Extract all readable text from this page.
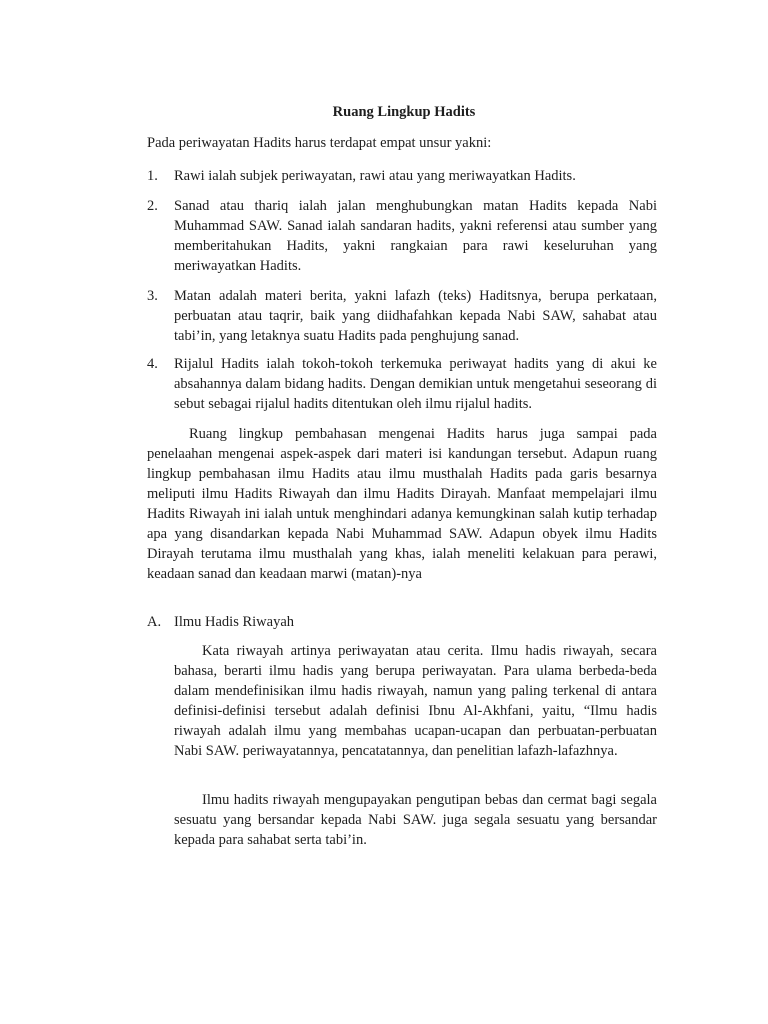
Ruang Lingkup Hadits

Pada periwayatan Hadits harus terdapat empat unsur yakni:

1. Rawi ialah subjek periwayatan, rawi atau yang meriwayatkan Hadits.
2. Sanad atau thariq ialah jalan menghubungkan matan Hadits kepada Nabi Muhammad SAW. Sanad ialah sandaran hadits, yakni referensi atau sumber yang memberitahukan Hadits, yakni rangkaian para rawi keseluruhan yang meriwayatkan Hadits.
3. Matan adalah materi berita, yakni lafazh (teks) Haditsnya, berupa perkataan, perbuatan atau taqrir, baik yang diidhafahkan kepada Nabi SAW, sahabat atau tabi’in, yang letaknya suatu Hadits pada penghujung sanad.
4. Rijalul Hadits ialah tokoh-tokoh terkemuka periwayat hadits yang di akui ke absahannya dalam bidang hadits. Dengan demikian untuk mengetahui seseorang di sebut sebagai rijalul hadits ditentukan oleh ilmu rijalul hadits.

Ruang lingkup pembahasan mengenai Hadits harus juga sampai pada penelaahan mengenai aspek-aspek dari materi isi kandungan tersebut. Adapun ruang lingkup pembahasan ilmu Hadits atau ilmu musthalah Hadits pada garis besarnya meliputi ilmu Hadits Riwayah dan ilmu Hadits Dirayah. Manfaat mempelajari ilmu Hadits Riwayah ini ialah untuk menghindari adanya kemungkinan salah kutip terhadap apa yang disandarkan kepada Nabi Muhammad SAW. Adapun obyek ilmu Hadits Dirayah terutama ilmu musthalah yang khas, ialah meneliti kelakuan para perawi, keadaan sanad dan keadaan marwi (matan)-nya

A. Ilmu Hadis Riwayah

Kata riwayah artinya periwayatan atau cerita. Ilmu hadis riwayah, secara bahasa, berarti ilmu hadis yang berupa periwayatan. Para ulama berbeda-beda dalam mendefinisikan ilmu hadis riwayah, namun yang paling terkenal di antara definisi-definisi tersebut adalah definisi Ibnu Al-Akhfani, yaitu, “Ilmu hadis riwayah adalah ilmu yang membahas ucapan-ucapan dan perbuatan-perbuatan Nabi SAW. periwayatannya, pencatatannya, dan penelitian lafazh-lafazhnya.

Ilmu hadits riwayah mengupayakan pengutipan bebas dan cermat bagi segala sesuatu yang bersandar kepada Nabi SAW. juga segala sesuatu yang bersandar kepada para sahabat serta tabi’in.
